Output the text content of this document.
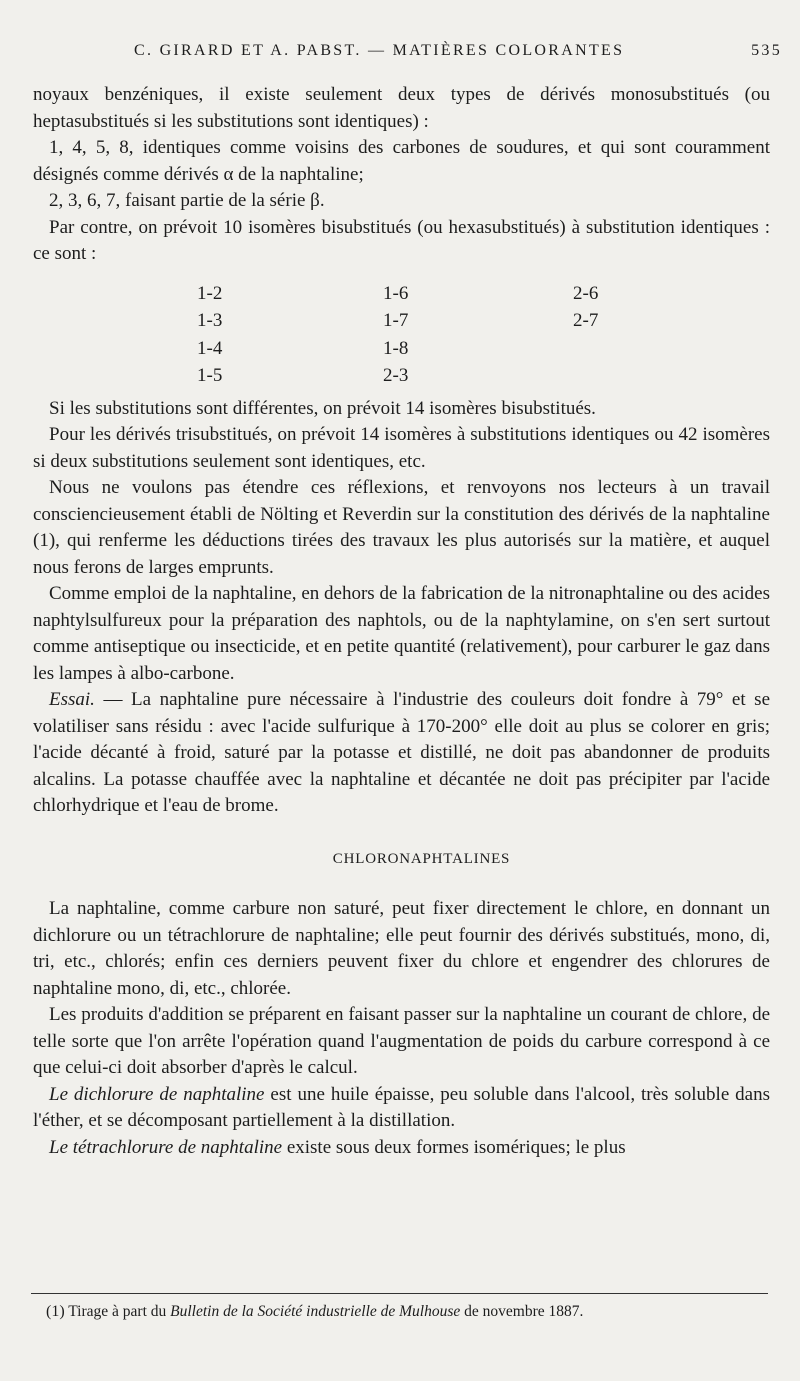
C. GIRARD ET A. PABST. — MATIÈRES COLORANTES	535

noyaux benzéniques, il existe seulement deux types de dérivés monosubstitués (ou heptasubstitués si les substitutions sont identiques) :

1, 4, 5, 8, identiques comme voisins des carbones de soudures, et qui sont couramment désignés comme dérivés α de la naphtaline;

2, 3, 6, 7, faisant partie de la série β.

Par contre, on prévoit 10 isomères bisubstitués (ou hexasubstitués) à substitution identiques : ce sont :

1-2
1-3
1-4
1-5
1-6
1-7
1-8
2-3
2-6
2-7

Si les substitutions sont différentes, on prévoit 14 isomères bisubstitués.

Pour les dérivés trisubstitués, on prévoit 14 isomères à substitutions identiques ou 42 isomères si deux substitutions seulement sont identiques, etc.

Nous ne voulons pas étendre ces réflexions, et renvoyons nos lecteurs à un travail consciencieusement établi de Nölting et Reverdin sur la constitution des dérivés de la naphtaline (1), qui renferme les déductions tirées des travaux les plus autorisés sur la matière, et auquel nous ferons de larges emprunts.

Comme emploi de la naphtaline, en dehors de la fabrication de la nitronaphtaline ou des acides naphtylsulfureux pour la préparation des naphtols, ou de la naphtylamine, on s'en sert surtout comme antiseptique ou insecticide, et en petite quantité (relativement), pour carburer le gaz dans les lampes à albo-carbone.

Essai. — La naphtaline pure nécessaire à l'industrie des couleurs doit fondre à 79° et se volatiliser sans résidu : avec l'acide sulfurique à 170-200° elle doit au plus se colorer en gris; l'acide décanté à froid, saturé par la potasse et distillé, ne doit pas abandonner de produits alcalins. La potasse chauffée avec la naphtaline et décantée ne doit pas précipiter par l'acide chlorhydrique et l'eau de brome.

CHLORONAPHTALINES

La naphtaline, comme carbure non saturé, peut fixer directement le chlore, en donnant un dichlorure ou un tétrachlorure de naphtaline; elle peut fournir des dérivés substitués, mono, di, tri, etc., chlorés; enfin ces derniers peuvent fixer du chlore et engendrer des chlorures de naphtaline mono, di, etc., chlorée.

Les produits d'addition se préparent en faisant passer sur la naphtaline un courant de chlore, de telle sorte que l'on arrête l'opération quand l'augmentation de poids du carbure correspond à ce que celui-ci doit absorber d'après le calcul.

Le dichlorure de naphtaline est une huile épaisse, peu soluble dans l'alcool, très soluble dans l'éther, et se décomposant partiellement à la distillation.

Le tétrachlorure de naphtaline existe sous deux formes isomériques; le plus

(1) Tirage à part du Bulletin de la Société industrielle de Mulhouse de novembre 1887.
